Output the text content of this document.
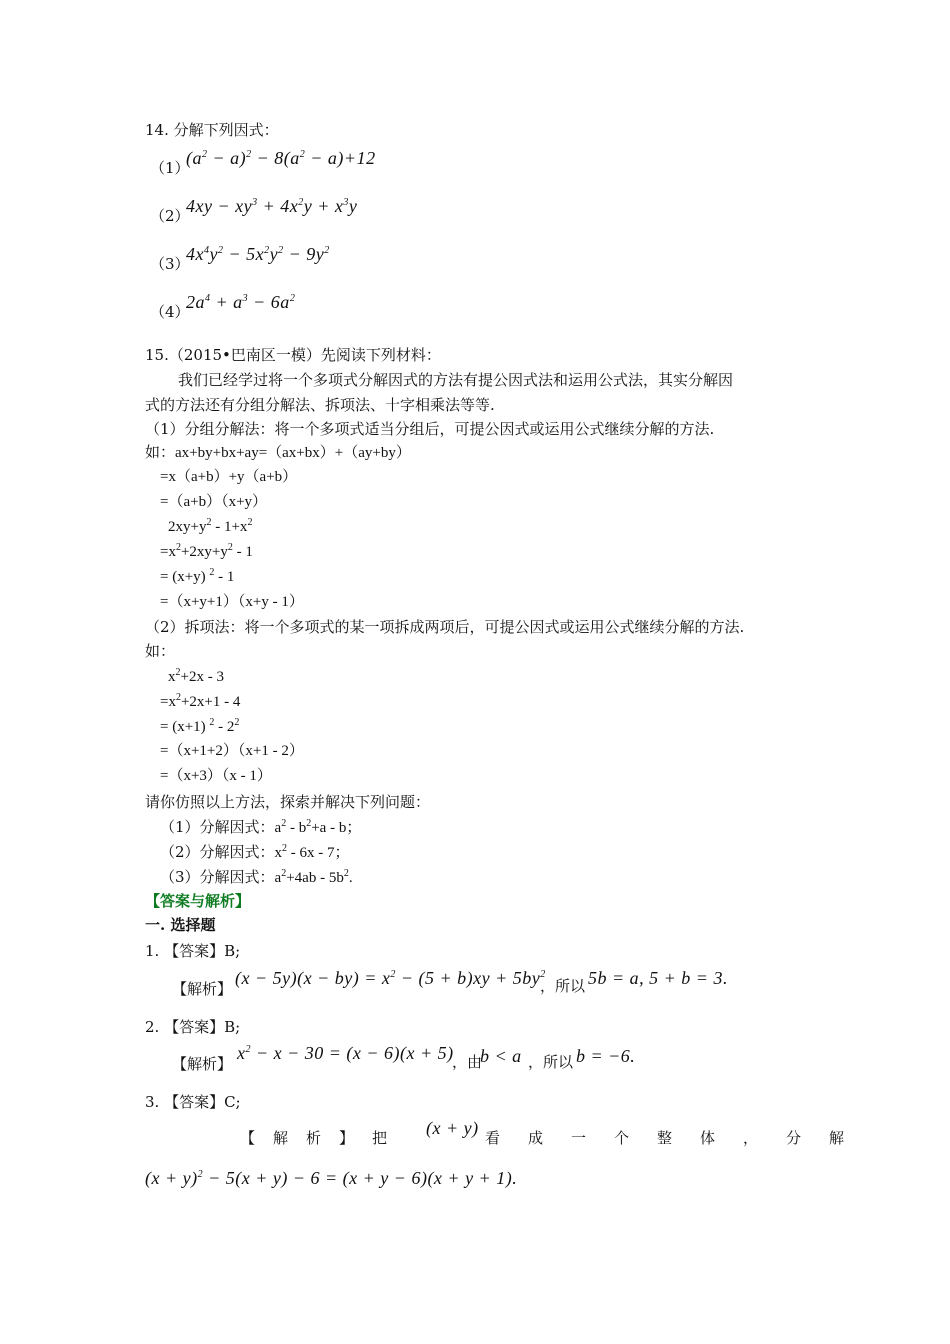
14. 分解下列因式：
（1）
$(a^2 - a)^2 - 8(a^2 - a)+12$
（2）
$4xy - xy^3 + 4x^2y + x^3y$
（3）
$4x^4y^2 - 5x^2y^2 - 9y^2$
（4）
$2a^4 + a^3 - 6a^2$
15.（2015•巴南区一模）先阅读下列材料：
我们已经学过将一个多项式分解因式的方法有提公因式法和运用公式法，其实分解因
式的方法还有分组分解法、拆项法、十字相乘法等等.
（1）分组分解法：将一个多项式适当分组后，可提公因式或运用公式继续分解的方法.
如：ax+by+bx+ay=（ax+bx）+（ay+by）
=x（a+b）+y（a+b）
=（a+b）（x+y）
$2xy+y^2 - 1+x^2$
$=x^2+2xy+y^2 - 1$
= (x+y) $^2$ - 1
=（x+y+1）（x+y - 1）
（2）拆项法：将一个多项式的某一项拆成两项后，可提公因式或运用公式继续分解的方法.
如：
$x^2+2x - 3$
$=x^2+2x+1 - 4$
= (x+1) $^2 - 2^2$
=（x+1+2）（x+1 - 2）
=（x+3）（x - 1）
请你仿照以上方法，探索并解决下列问题：
（1）分解因式：$a^2 - b^2+a - b$；
（2）分解因式：$x^2 - 6x - 7$；
（3）分解因式：$a^2+4ab - 5b^2$.
【答案与解析】
一. 选择题
1. 【答案】B;
【解析】
$(x - 5y)(x - by) = x^2 - (5 + b)xy + 5by^2$
，所以 5b = a, 5 + b = 3.
2. 【答案】B;
【解析】
$x^2 - x - 30 = (x - 6)(x + 5)$
，由
b < a ，所以 b = −6.
3. 【答案】C;
【解析】把 (x + y) 看成一个整体，分解
$(x + y)^2 - 5(x + y) - 6 = (x + y - 6)(x + y + 1)$.
